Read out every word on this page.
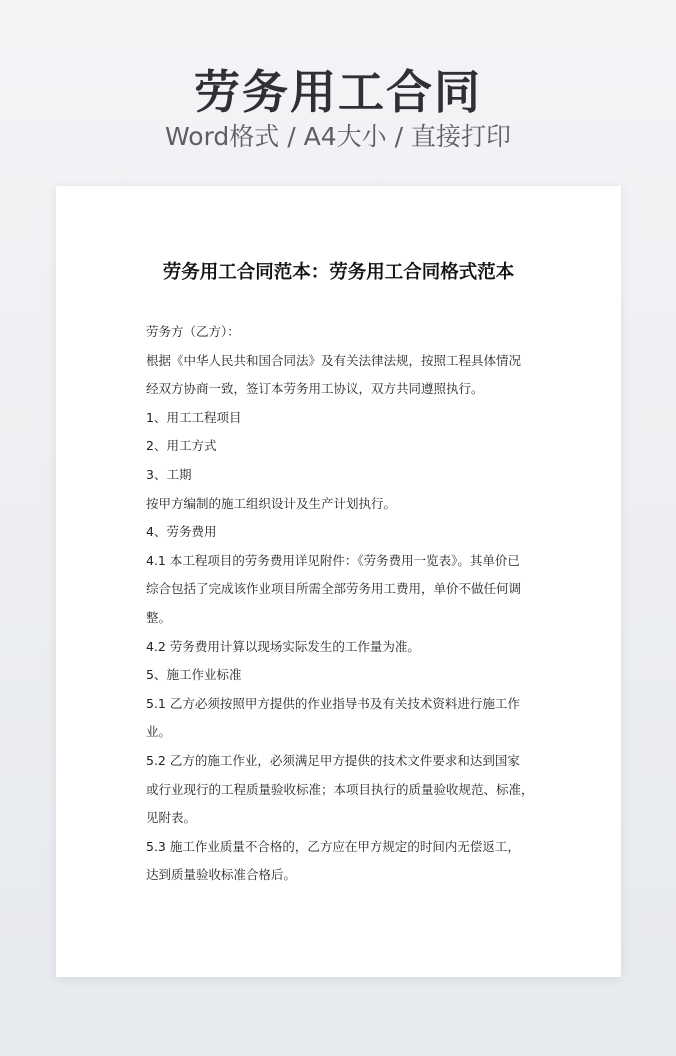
劳务用工合同
Word格式 / A4大小 / 直接打印
劳务用工合同范本：劳务用工合同格式范本

劳务方（乙方）：

根据《中华人民共和国合同法》及有关法律法规，按照工程具体情况

经双方协商一致，签订本劳务用工协议，双方共同遵照执行。

1、用工工程项目

2、用工方式

3、工期

按甲方编制的施工组织设计及生产计划执行。

4、劳务费用

4.1 本工程项目的劳务费用详见附件：《劳务费用一览表》。其单价已

综合包括了完成该作业项目所需全部劳务用工费用，单价不做任何调

整。

4.2 劳务费用计算以现场实际发生的工作量为准。

5、施工作业标准

5.1 乙方必须按照甲方提供的作业指导书及有关技术资料进行施工作

业。

5.2 乙方的施工作业，必须满足甲方提供的技术文件要求和达到国家

或行业现行的工程质量验收标准；本项目执行的质量验收规范、标准，

见附表。

5.3 施工作业质量不合格的，乙方应在甲方规定的时间内无偿返工，

达到质量验收标准合格后。
